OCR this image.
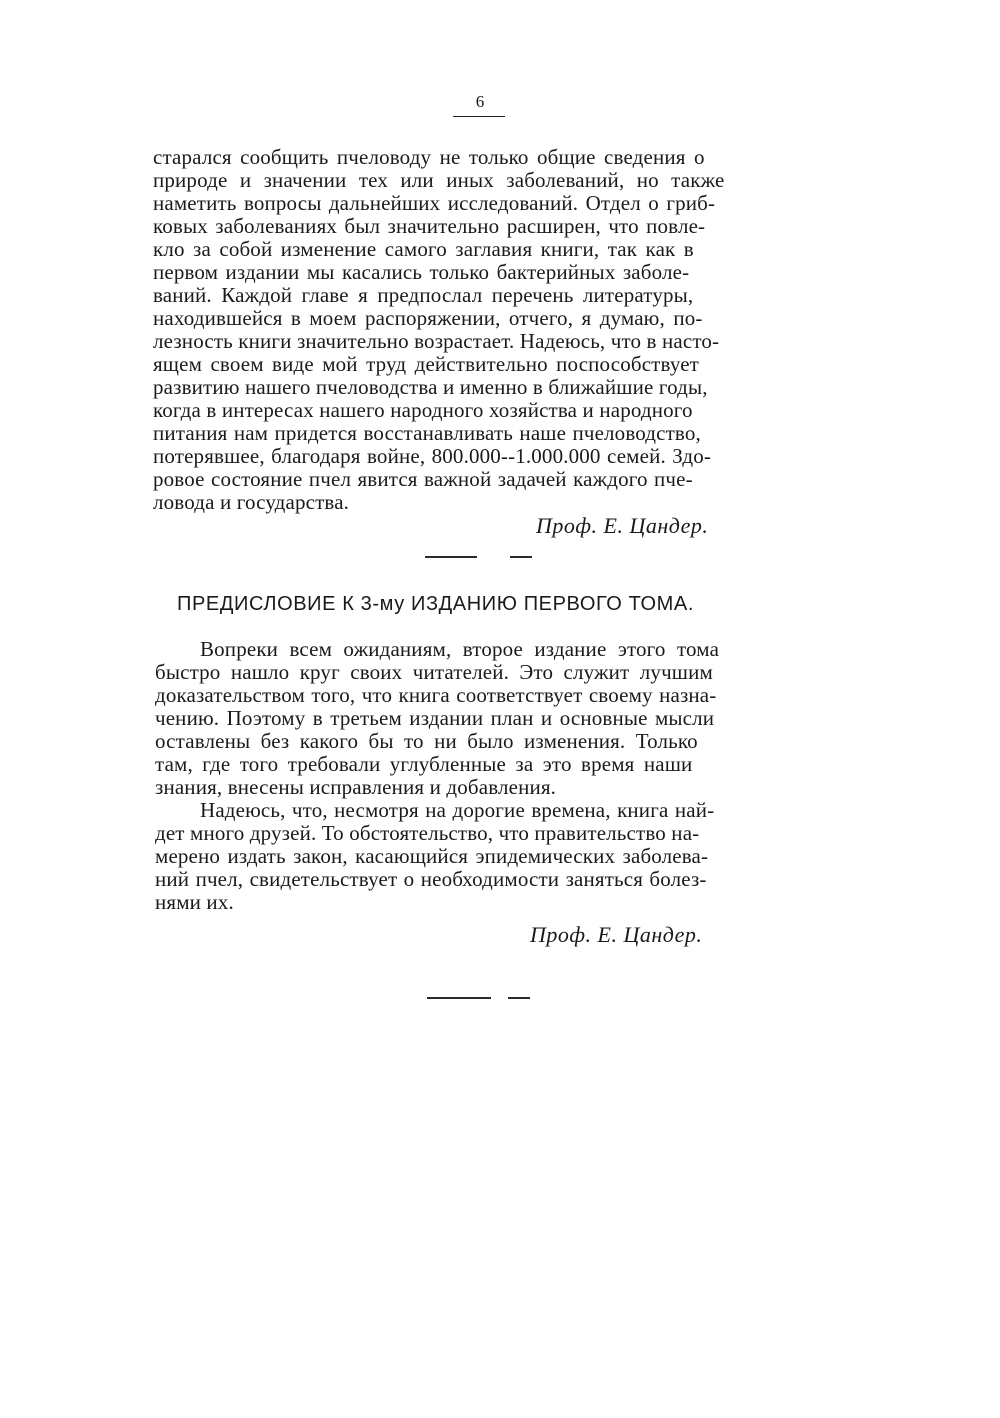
6
старался сообщить пчеловоду не только общие сведения о
природе и значении тех или иных заболеваний, но также
наметить вопросы дальнейших исследований. Отдел о гриб-
ковых заболеваниях был значительно расширен, что повле-
кло за собой изменение самого заглавия книги, так как в
первом издании мы касались только бактерийных заболе-
ваний. Каждой главе я предпослал перечень литературы,
находившейся в моем распоряжении, отчего, я думаю, по-
лезность книги значительно возрастает. Надеюсь, что в насто-
ящем своем виде мой труд действительно поспособствует
развитию нашего пчеловодства и именно в ближайшие годы,
когда в интересах нашего народного хозяйства и народного
питания нам придется восстанавливать наше пчеловодство,
потерявшее, благодаря войне, 800.000--1.000.000 семей. Здо-
ровое состояние пчел явится важной задачей каждого пче-
ловода и государства.
Проф. Е. Цандер.
ПРЕДИСЛОВИЕ К 3-му ИЗДАНИЮ ПЕРВОГО ТОМА.
Вопреки всем ожиданиям, второе издание этого тома
быстро нашло круг своих читателей. Это служит лучшим
доказательством того, что книга соответствует своему назна-
чению. Поэтому в третьем издании план и основные мысли
оставлены без какого бы то ни было изменения. Только
там, где того требовали углубленные за это время наши
знания, внесены исправления и добавления.
Надеюсь, что, несмотря на дорогие времена, книга най-
дет много друзей. То обстоятельство, что правительство на-
мерено издать закон, касающийся эпидемических заболева-
ний пчел, свидетельствует о необходимости заняться болез-
нями их.
Проф. Е. Цандер.
